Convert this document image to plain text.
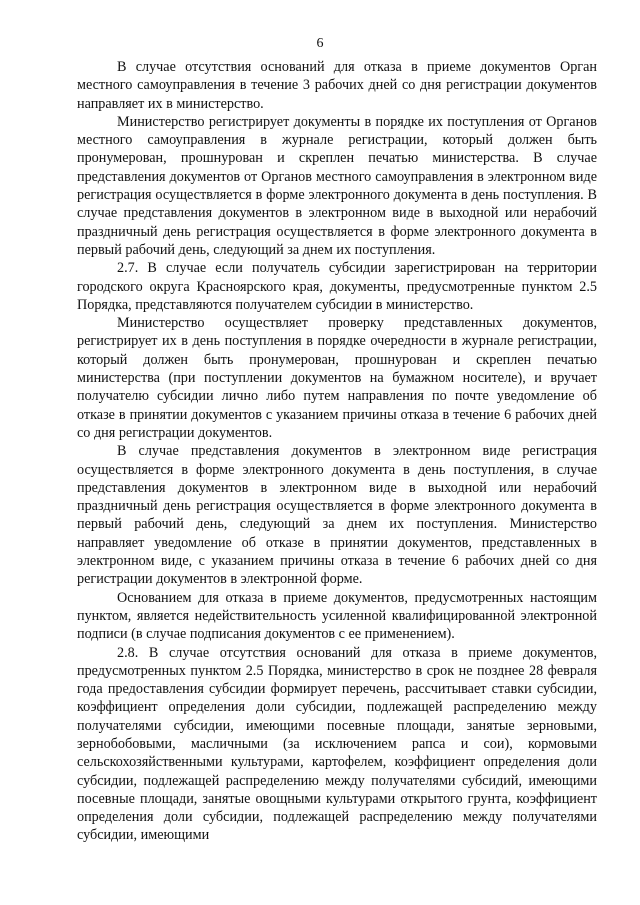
6

В случае отсутствия оснований для отказа в приеме документов Орган местного самоуправления в течение 3 рабочих дней со дня регистрации документов направляет их в министерство.

Министерство регистрирует документы в порядке их поступления от Органов местного самоуправления в журнале регистрации, который должен быть пронумерован, прошнурован и скреплен печатью министерства. В случае представления документов от Органов местного самоуправления в электронном виде регистрация осуществляется в форме электронного документа в день поступления. В случае представления документов в электронном виде в выходной или нерабочий праздничный день регистрация осуществляется в форме электронного документа в первый рабочий день, следующий за днем их поступления.

2.7. В случае если получатель субсидии зарегистрирован на территории городского округа Красноярского края, документы, предусмотренные пунктом 2.5 Порядка, представляются получателем субсидии в министерство.

Министерство осуществляет проверку представленных документов, регистрирует их в день поступления в порядке очередности в журнале регистрации, который должен быть пронумерован, прошнурован и скреплен печатью министерства (при поступлении документов на бумажном носителе), и вручает получателю субсидии лично либо путем направления по почте уведомление об отказе в принятии документов с указанием причины отказа в течение 6 рабочих дней со дня регистрации документов.

В случае представления документов в электронном виде регистрация осуществляется в форме электронного документа в день поступления, в случае представления документов в электронном виде в выходной или нерабочий праздничный день регистрация осуществляется в форме электронного документа в первый рабочий день, следующий за днем их поступления. Министерство направляет уведомление об отказе в принятии документов, представленных в электронном виде, с указанием причины отказа в течение 6 рабочих дней со дня регистрации документов в электронной форме.

Основанием для отказа в приеме документов, предусмотренных настоящим пунктом, является недействительность усиленной квалифицированной электронной подписи (в случае подписания документов с ее применением).

2.8. В случае отсутствия оснований для отказа в приеме документов, предусмотренных пунктом 2.5 Порядка, министерство в срок не позднее 28 февраля года предоставления субсидии формирует перечень, рассчитывает ставки субсидии, коэффициент определения доли субсидии, подлежащей распределению между получателями субсидии, имеющими посевные площади, занятые зерновыми, зернобобовыми, масличными (за исключением рапса и сои), кормовыми сельскохозяйственными культурами, картофелем, коэффициент определения доли субсидии, подлежащей распределению между получателями субсидий, имеющими посевные площади, занятые овощными культурами открытого грунта, коэффициент определения доли субсидии, подлежащей распределению между получателями субсидии, имеющими
